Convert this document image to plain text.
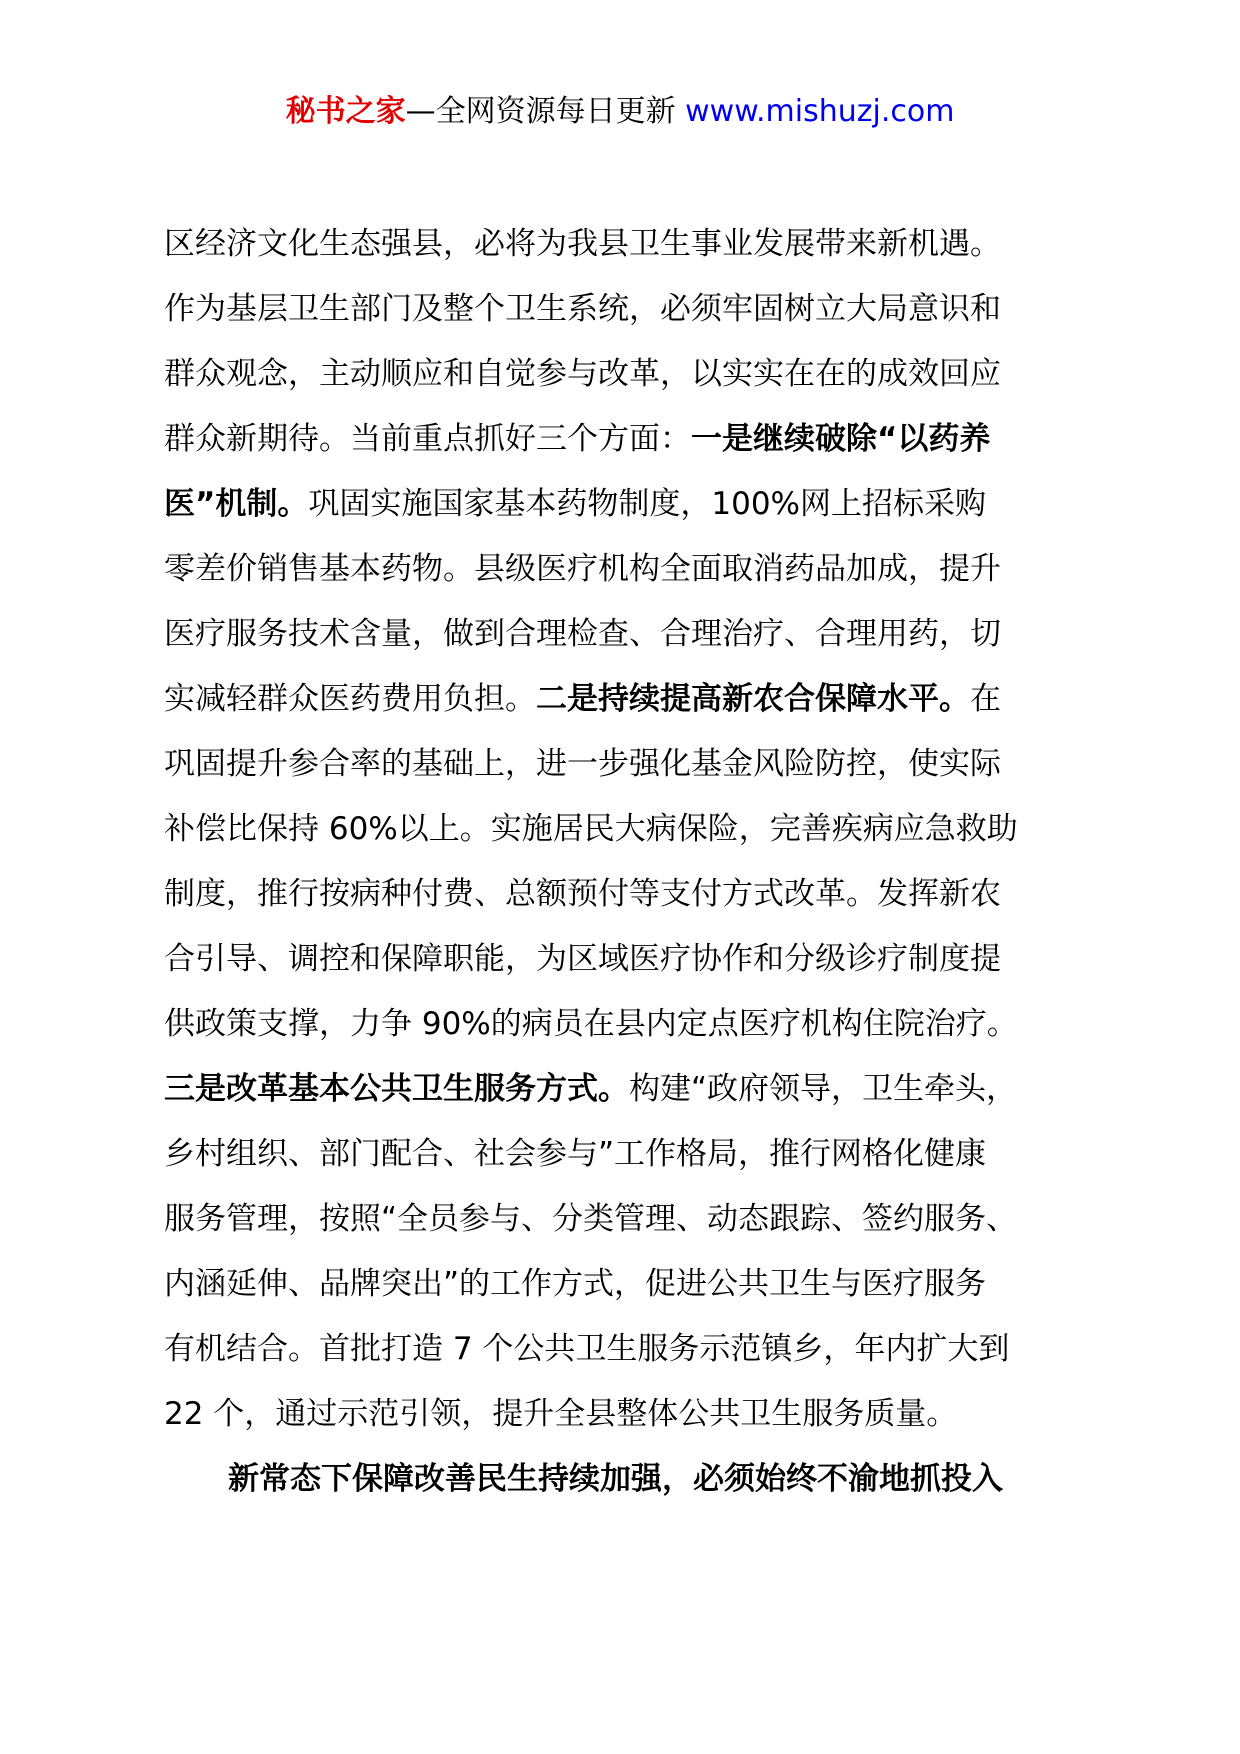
秘书之家—全网资源每日更新 www.mishuzj.com
区经济文化生态强县，必将为我县卫生事业发展带来新机遇。
作为基层卫生部门及整个卫生系统，必须牢固树立大局意识和
群众观念，主动顺应和自觉参与改革，以实实在在的成效回应
群众新期待。当前重点抓好三个方面：一是继续破除“以药养
医”机制。巩固实施国家基本药物制度，100%网上招标采购
零差价销售基本药物。县级医疗机构全面取消药品加成，提升
医疗服务技术含量，做到合理检查、合理治疗、合理用药，切
实减轻群众医药费用负担。二是持续提高新农合保障水平。在
巩固提升参合率的基础上，进一步强化基金风险防控，使实际
补偿比保持 60%以上。实施居民大病保险，完善疾病应急救助
制度，推行按病种付费、总额预付等支付方式改革。发挥新农
合引导、调控和保障职能，为区域医疗协作和分级诊疗制度提
供政策支撑，力争 90%的病员在县内定点医疗机构住院治疗。
三是改革基本公共卫生服务方式。构建“政府领导，卫生牵头，
乡村组织、部门配合、社会参与”工作格局，推行网格化健康
服务管理，按照“全员参与、分类管理、动态跟踪、签约服务、
内涵延伸、品牌突出”的工作方式，促进公共卫生与医疗服务
有机结合。首批打造 7 个公共卫生服务示范镇乡，年内扩大到
22 个，通过示范引领，提升全县整体公共卫生服务质量。
新常态下保障改善民生持续加强，必须始终不渝地抓投入
